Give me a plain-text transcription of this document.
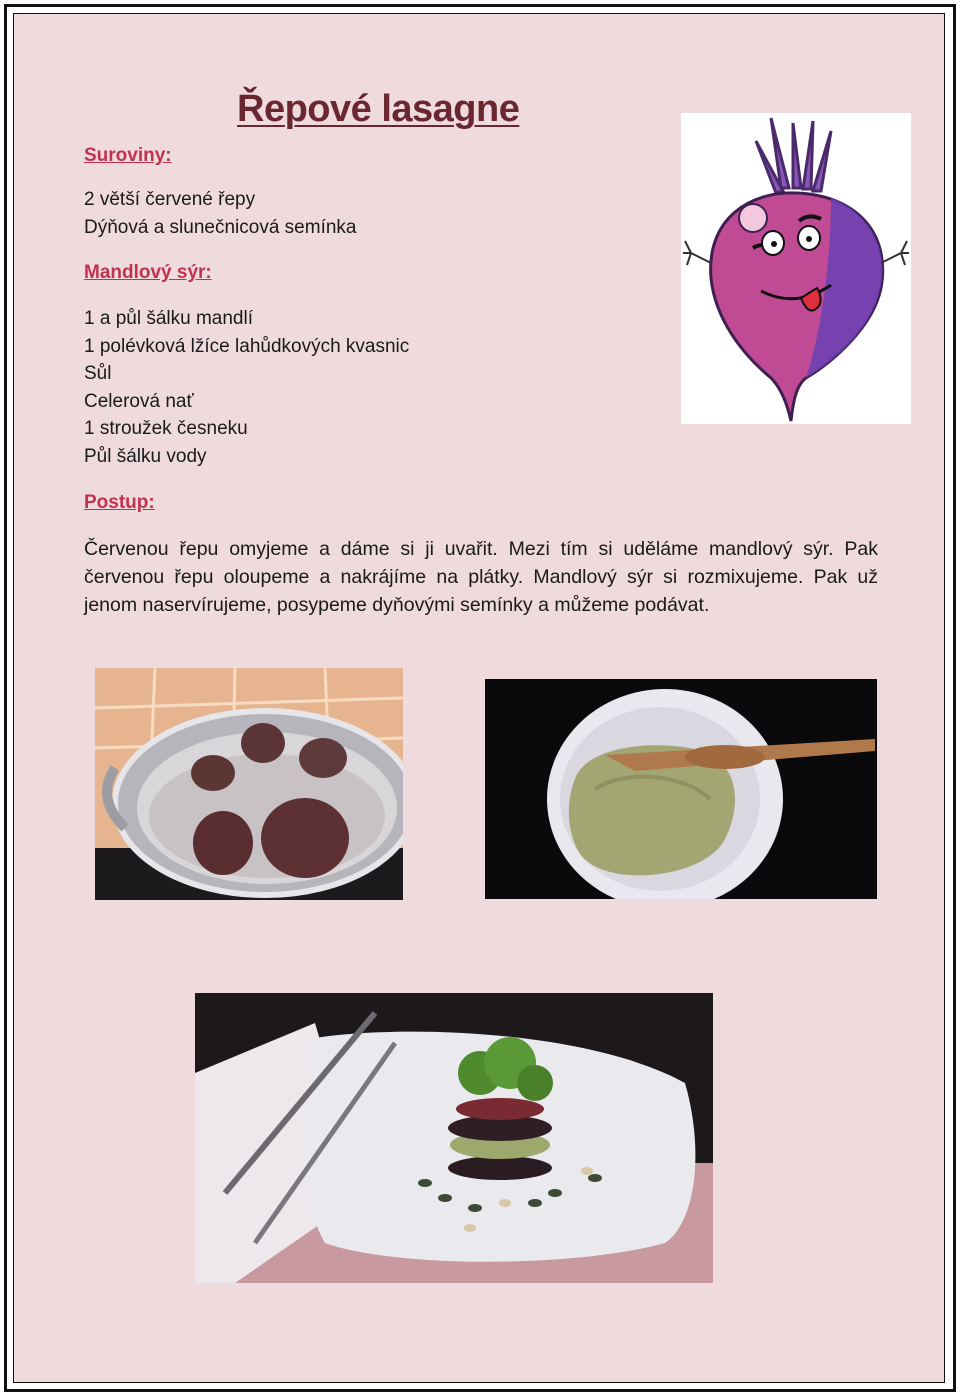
Řepové lasagne

Suroviny:

2 větší červené řepy
Dýňová a slunečnicová semínka

Mandlový sýr:

1 a půl šálku mandlí
1 polévková lžíce lahůdkových kvasnic
Sůl
Celerová nať
1 stroužek česneku
Půl šálku vody

Postup:

Červenou řepu omyjeme a dáme si ji uvařit. Mezi tím si uděláme mandlový sýr. Pak červenou řepu oloupeme a nakrájíme na plátky. Mandlový sýr si rozmixujeme. Pak už jenom naservírujeme, posypeme dyňovými semínky a můžeme podávat.
